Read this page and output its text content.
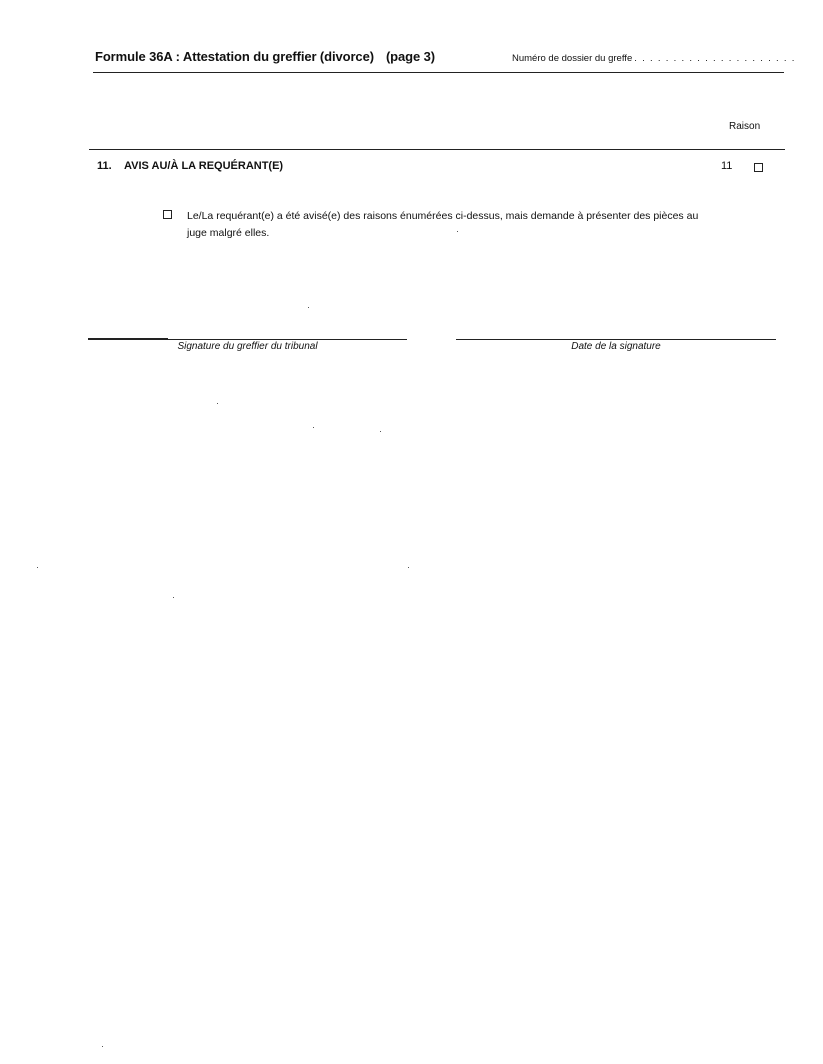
Formule 36A : Attestation du greffier (divorce) (page 3)	Numéro de dossier du greffe . . . . . . . . . . . . . . . . . . . . .
Raison
11. AVIS AU/À LA REQUÉRANT(E)	11
Le/La requérant(e) a été avisé(e) des raisons énumérées ci-dessus, mais demande à présenter des pièces au juge malgré elles.
Signature du greffier du tribunal	Date de la signature
